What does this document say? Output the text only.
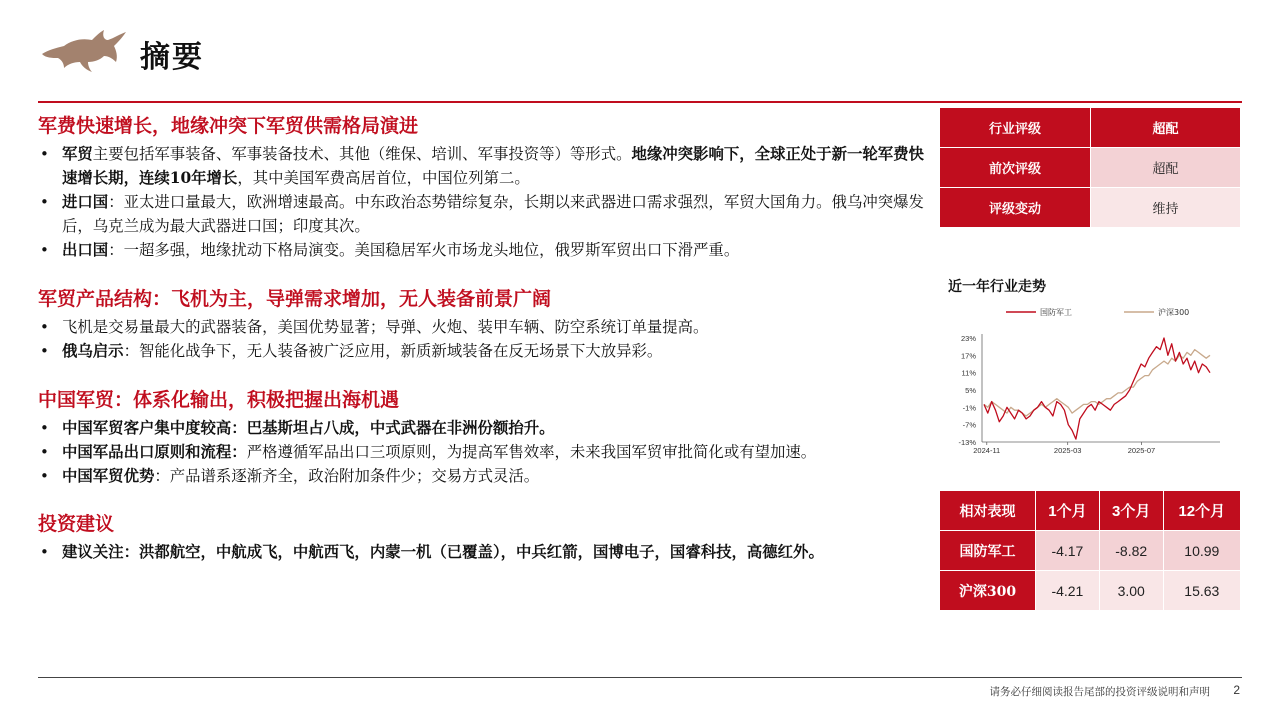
摘要
军费快速增长，地缘冲突下军贸供需格局演进
• 军贸主要包括军事装备、军事装备技术、其他（维保、培训、军事投资等）等形式。地缘冲突影响下，全球正处于新一轮军费快速增长期，连续10年增长，其中美国军费高居首位，中国位列第二。
• 进口国：亚太进口量最大，欧洲增速最高。中东政治态势错综复杂，长期以来武器进口需求强烈，军贸大国角力。俄乌冲突爆发后，乌克兰成为最大武器进口国；印度其次。
• 出口国：一超多强，地缘扰动下格局演变。美国稳居军火市场龙头地位，俄罗斯军贸出口下滑严重。
军贸产品结构：飞机为主，导弹需求增加，无人装备前景广阔
• 飞机是交易量最大的武器装备，美国优势显著；导弹、火炮、装甲车辆、防空系统订单量提高。
• 俄乌启示：智能化战争下，无人装备被广泛应用，新质新域装备在反无场景下大放异彩。
中国军贸：体系化输出，积极把握出海机遇
• 中国军贸客户集中度较高：巴基斯坦占八成，中式武器在非洲份额抬升。
• 中国军品出口原则和流程：严格遵循军品出口三项原则，为提高军售效率，未来我国军贸审批简化或有望加速。
• 中国军贸优势：产品谱系逐渐齐全，政治附加条件少；交易方式灵活。
投资建议
• 建议关注：洪都航空，中航成飞，中航西飞，内蒙一机（已覆盖），中兵红箭，国博电子，国睿科技，高德红外。
行业评级	超配
前次评级	超配
评级变动	维持
近一年行业走势
国防军工	沪深300
23%
17%
11%
5%
-1%
-7%
-13%
2024-11	2025-03	2025-07
相对表现	1个月	3个月	12个月
国防军工	-4.17	-8.82	10.99
沪深300	-4.21	3.00	15.63
请务必仔细阅读报告尾部的投资评级说明和声明 2
